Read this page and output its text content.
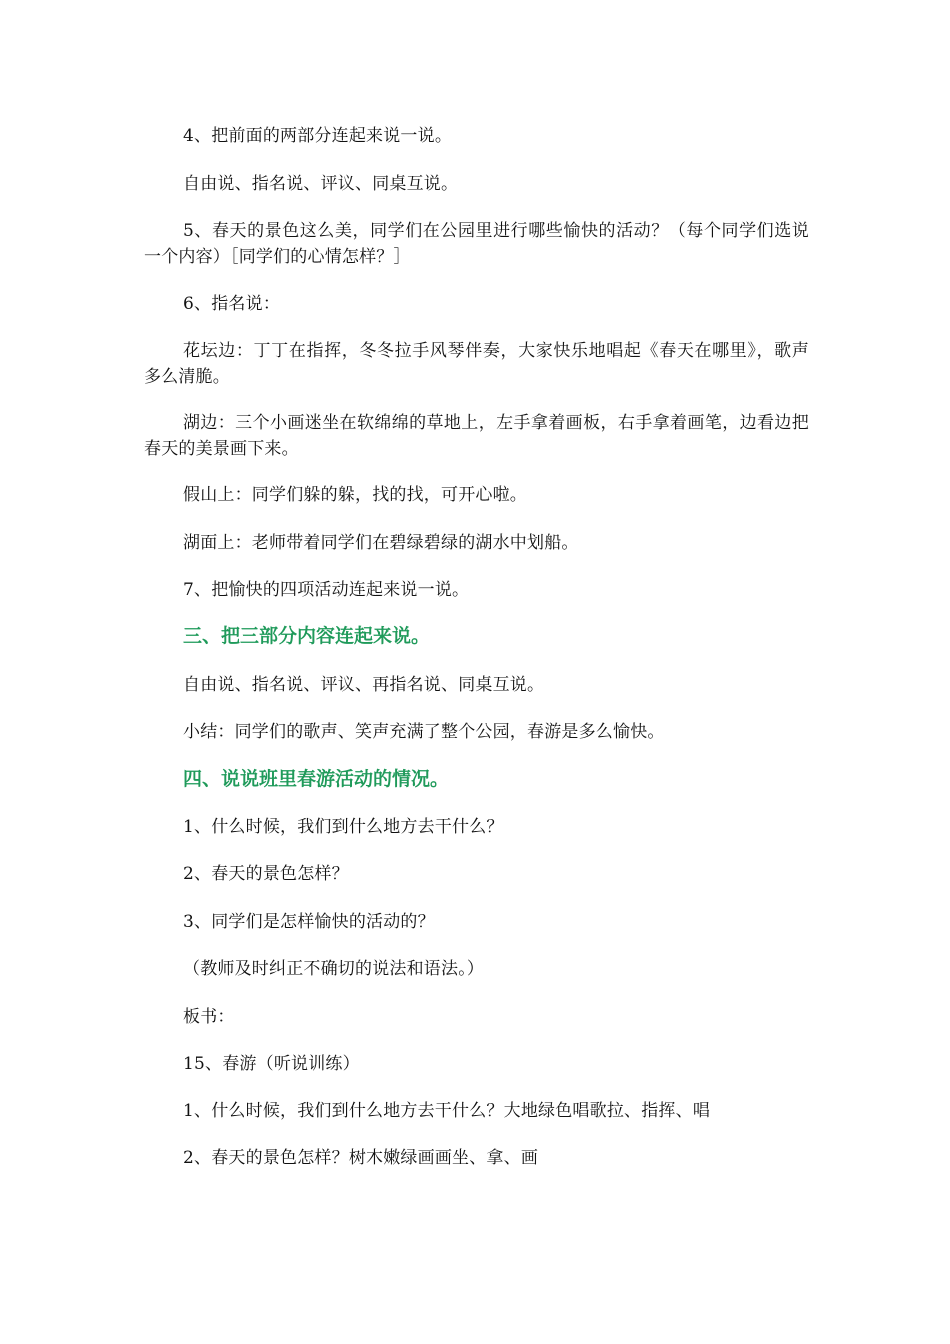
4、把前面的两部分连起来说一说。
自由说、指名说、评议、同桌互说。
5、春天的景色这么美，同学们在公园里进行哪些愉快的活动？（每个同学们选说一个内容）［同学们的心情怎样？］
6、指名说：
花坛边：丁丁在指挥，冬冬拉手风琴伴奏，大家快乐地唱起《春天在哪里》，歌声多么清脆。
湖边：三个小画迷坐在软绵绵的草地上，左手拿着画板，右手拿着画笔，边看边把春天的美景画下来。
假山上：同学们躲的躲，找的找，可开心啦。
湖面上：老师带着同学们在碧绿碧绿的湖水中划船。
7、把愉快的四项活动连起来说一说。
三、把三部分内容连起来说。
自由说、指名说、评议、再指名说、同桌互说。
小结：同学们的歌声、笑声充满了整个公园，春游是多么愉快。
四、说说班里春游活动的情况。
1、什么时候，我们到什么地方去干什么？
2、春天的景色怎样？
3、同学们是怎样愉快的活动的？
（教师及时纠正不确切的说法和语法。）
板书：
15、春游（听说训练）
1、什么时候，我们到什么地方去干什么？大地绿色唱歌拉、指挥、唱
2、春天的景色怎样？树木嫩绿画画坐、拿、画
